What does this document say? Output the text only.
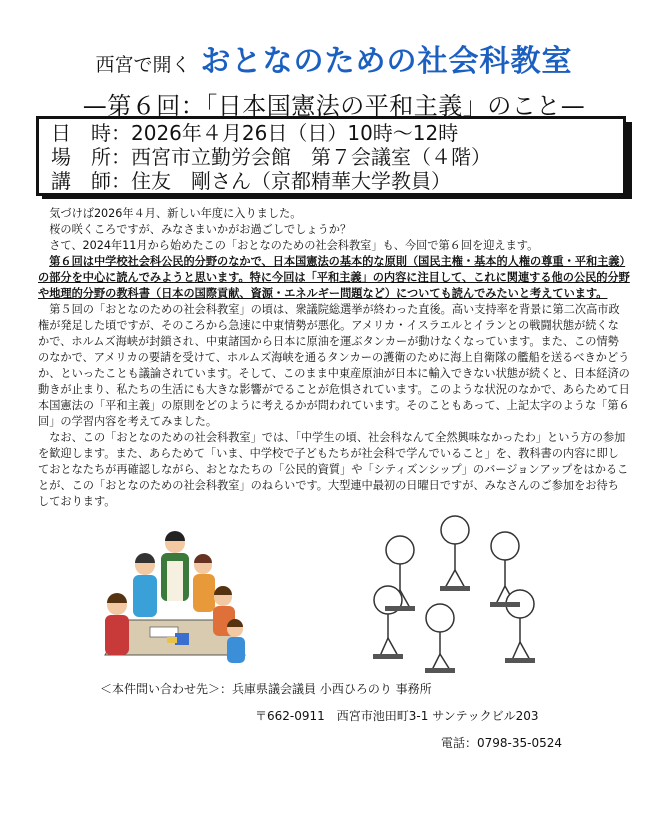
西宮で開く おとなのための社会科教室
—第６回：「日本国憲法の平和主義」のこと—
日　時：2026年４月26日（日）10時〜12時
場　所：西宮市立勤労会館　第７会議室（４階）
講　師：住友　剛さん（京都精華大学教員）

気づけば2026年４月、新しい年度に入りました。

桜の咲くころですが、みなさまいかがお過ごしでしょうか？

さて、2024年11月から始めたこの「おとなのための社会科教室」も、今回で第６回を迎えます。

第６回は中学校社会科公民的分野のなかで、日本国憲法の基本的な原則（国民主権・基本的人権の尊重・平和主義）の部分を中心に読んでみようと思います。特に今回は「平和主義」の内容に注目して、これに関連する他の公民的分野や地理的分野の教科書（日本の国際貢献、資源・エネルギー問題など）についても読んでみたいと考えています。

第５回の「おとなのための社会科教室」の頃は、衆議院総選挙が終わった直後。高い支持率を背景に第二次高市政権が発足した頃ですが、そのころから急速に中東情勢が悪化。アメリカ・イスラエルとイランとの戦闘状態が続くなかで、ホルムズ海峡が封鎖され、中東諸国から日本に原油を運ぶタンカーが動けなくなっています。また、この情勢のなかで、アメリカの要請を受けて、ホルムズ海峡を通るタンカーの護衛のために海上自衛隊の艦船を送るべきかどうか、といったことも議論されています。そして、このまま中東産原油が日本に輸入できない状態が続くと、日本経済の動きが止まり、私たちの生活にも大きな影響がでることが危惧されています。このような状況のなかで、あらためて日本国憲法の「平和主義」の原則をどのように考えるかが問われています。そのこともあって、上記太字のような「第６回」の学習内容を考えてみました。

なお、この「おとなのための社会科教室」では、「中学生の頃、社会科なんて全然興味なかったわ」という方の参加を歓迎します。また、あらためて「いま、中学校で子どもたちが社会科で学んでいること」を、教科書の内容に即しておとなたちが再確認しながら、おとなたちの「公民的資質」や「シティズンシップ」のバージョンアップをはかることが、この「おとなのための社会科教室」のねらいです。大型連中最初の日曜日ですが、みなさんのご参加をお待ちしております。

＜本件問い合わせ先＞：兵庫県議会議員 小西ひろのり 事務所
〒662-0911　西宮市池田町3-1 サンテックビル203
電話：0798-35-0524
